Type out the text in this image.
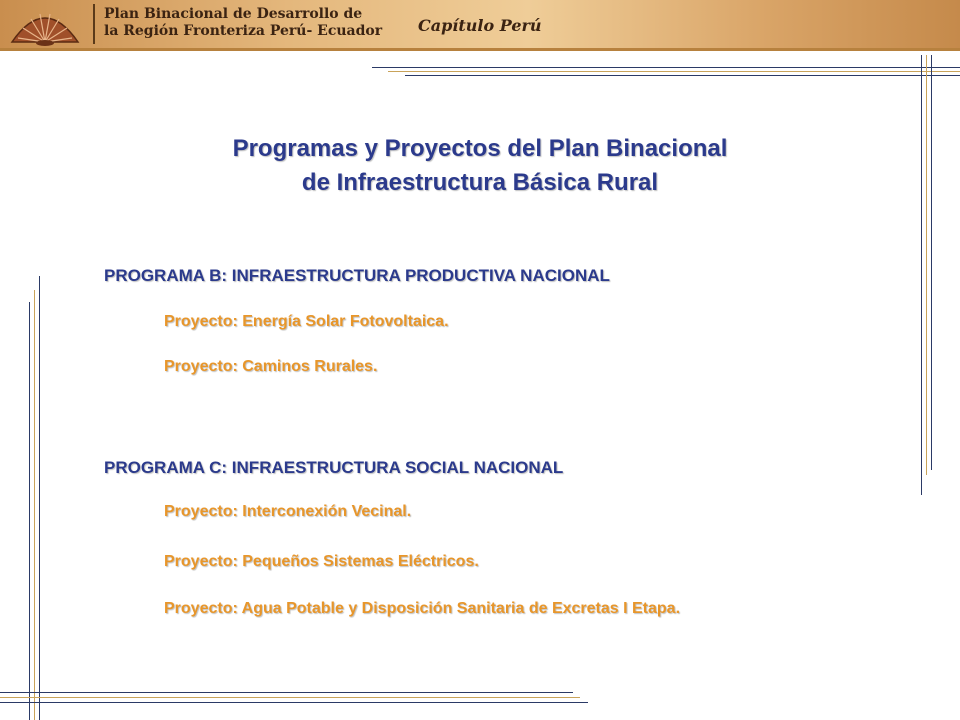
Plan Binacional de Desarrollo de
la Región Fronteriza Perú- Ecuador Capítulo Perú
Programas y Proyectos del Plan Binacional
de Infraestructura Básica Rural
PROGRAMA B: INFRAESTRUCTURA PRODUCTIVA NACIONAL
Proyecto: Energía Solar Fotovoltaica.
Proyecto: Caminos Rurales.
PROGRAMA C: INFRAESTRUCTURA SOCIAL NACIONAL
Proyecto: Interconexión Vecinal.
Proyecto: Pequeños Sistemas Eléctricos.
Proyecto: Agua Potable y Disposición Sanitaria de Excretas I Etapa.
